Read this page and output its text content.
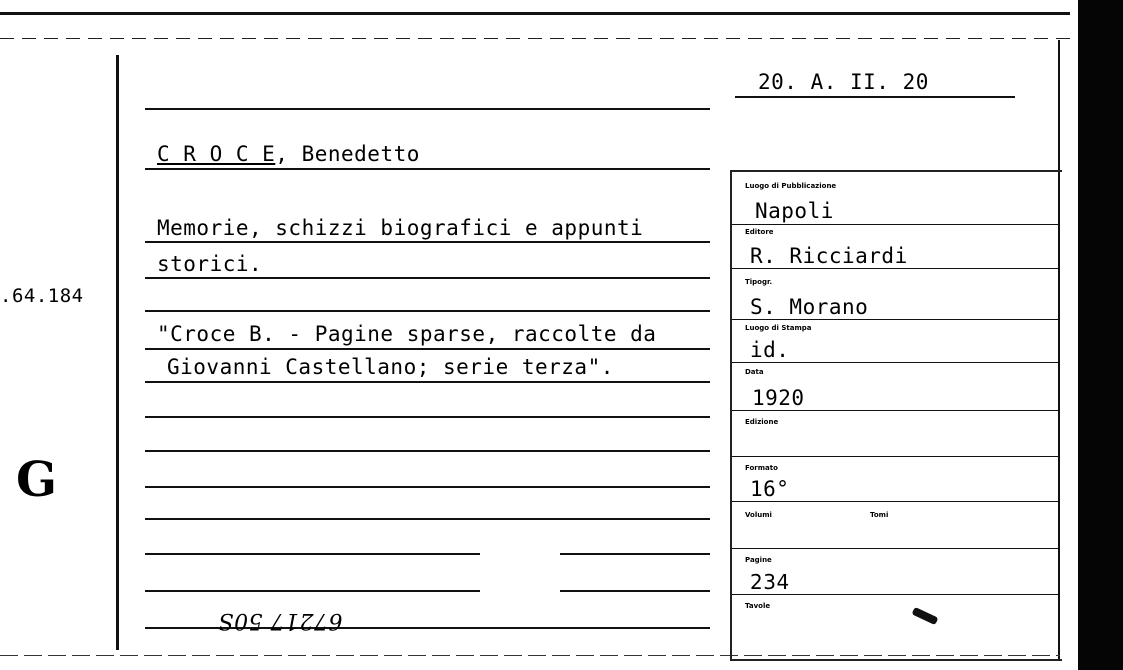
.64.184
G
20. A. II. 20
C R O C E, Benedetto
Memorie, schizzi biografici e appunti
storici.
"Croce B. - Pagine sparse, raccolte da
Giovanni Castellano; serie terza".
67217 50S
Luogo di Pubblicazione
Napoli
Editore
R. Ricciardi
Tipogr.
S. Morano
Luogo di Stampa
id.
Data
1920
Edizione
Formato
16°
Volumi	Tomi
Pagine
234
Tavole
